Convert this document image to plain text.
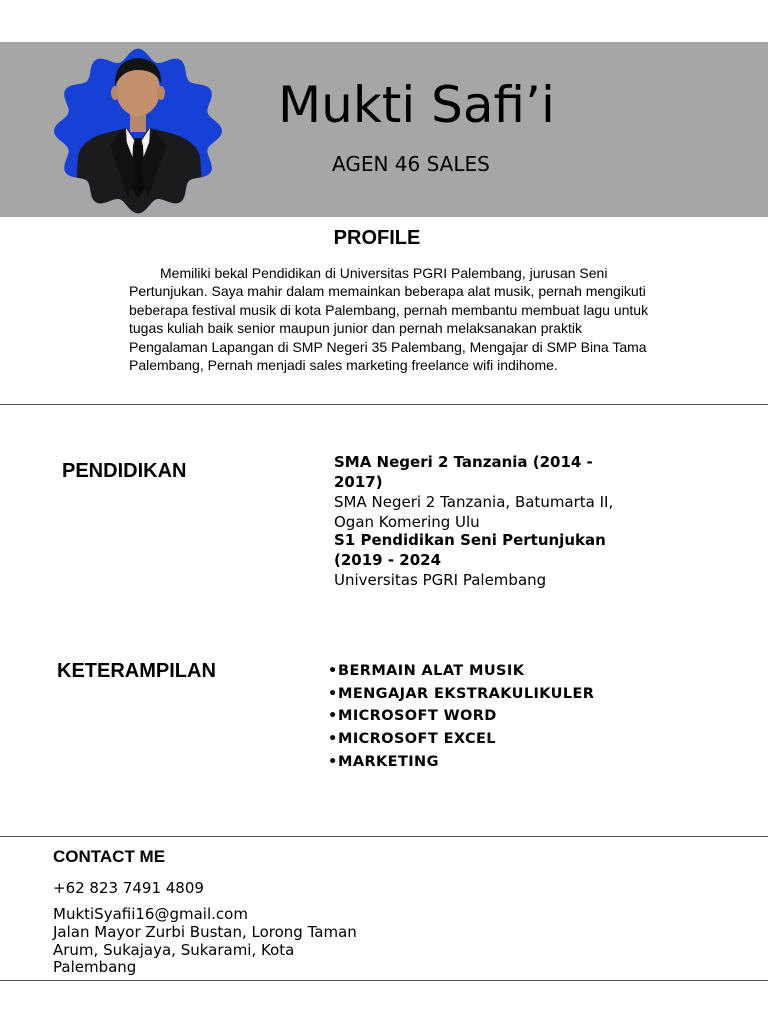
Mukti Safi’i
AGEN 46 SALES
PROFILE
Memiliki bekal Pendidikan di Universitas PGRI Palembang, jurusan Seni Pertunjukan. Saya mahir dalam memainkan beberapa alat musik, pernah mengikuti beberapa festival musik di kota Palembang, pernah membantu membuat lagu untuk tugas kuliah baik senior maupun junior dan pernah melaksanakan praktik Pengalaman Lapangan di SMP Negeri 35 Palembang, Mengajar di SMP Bina Tama Palembang, Pernah menjadi sales marketing freelance wifi indihome.
PENDIDIKAN	SMA Negeri 2 Tanzania (2014 - 2017)
SMA Negeri 2 Tanzania, Batumarta II, Ogan Komering Ulu
S1 Pendidikan Seni Pertunjukan (2019 - 2024
Universitas PGRI Palembang
KETERAMPILAN	•BERMAIN ALAT MUSIK
•MENGAJAR EKSTRAKULIKULER
•MICROSOFT WORD
•MICROSOFT EXCEL
•MARKETING
CONTACT ME
+62 823 7491 4809
MuktiSyafii16@gmail.com
Jalan Mayor Zurbi Bustan, Lorong Taman Arum, Sukajaya, Sukarami, Kota Palembang
